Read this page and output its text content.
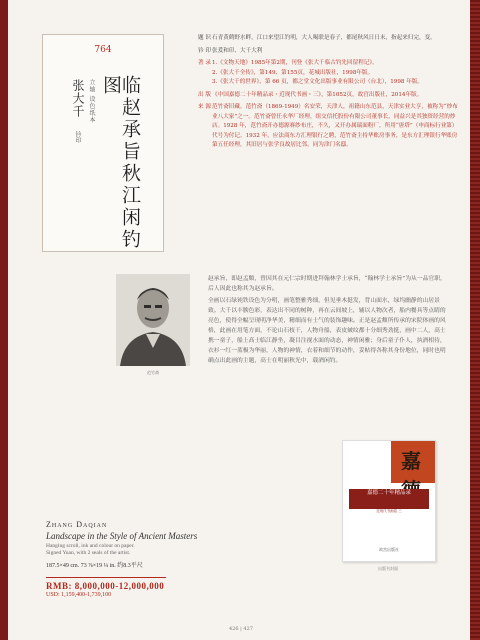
764
临赵承旨秋江闲钓图
立轴 设色纸本
张大千
钤印
题 识 石青黄鹤野水畔，江口来望江钓明，大人喝联是春子，都尾秋风日日未，指起来归完，变。
钤 印 张爰和印、大千大利
著 录 1.《文物天地》1985年第2期，刊登《张大千临古钓先回留程记》。

2.《张大千全传》，第149、第155页，花城出版社，1998年版。

3.《张大千的世界》，第 66 页，都之堂文化出版事业有限公司（台北），1998 年版。

出 版 《中国嘉德二十年精品录・近现代书画・三》，第1052页，故宫出版社，2014年版。
来 源 范竹斋旧藏。范竹斋（1869-1949）名安荣，天津人，祖籍山东范县，天津实业大亨，被称为“炒布业八大家”之一。范竹斋曾任永华厂经理，组交信托股份有限公司董事长，同益兴是其独资经营的炒店。1928 年，范竹斋开办德源赛纱布庄，不久，又开办属瑞面粉厂，所用“唐塔”（申商标行业第）代号为付记。1932 年，应法商东方汇理银行之聘，范竹斋主持华账房事务，是东方汇理银行华账房第五任经理，其旧居与张学良故居比邻，同为津门名邸。
范竹斋

赵承旨，即赵孟頫，曾因其在元仁宗时期进拜翰林学士承旨，“翰林学士承旨”为从一品官职，后人因此也称其为赵承旨。

全画以石绿钝铁设色为分明，画笔整雅秀细，但见垂木挺发，背山面水，绿坞幽静的山居景致。大千以丰腴色彩，表达出不同的树种，再在云间坡上，辅以人物次者，船内餐具等点睛的亮色，使得全幅呈现明净华美，精细而有士气的装饰趣味。正是赵孟頫所传承的宋院体画的风格，此画在用笔方面，不论山石枝干，人物舟船，表皮皴纹都十分细秀劲挺，画中二人，高士携一童子，船上高士临江静坐，凝目注视水面的动态，神情闲雅；身后童子仆人，执酒相待，衣衫一红一蓝极为华丽，人物的神情，衣着和细节的动作，妥帖得各称其身份地位，同时也明确点出此画的主题，高士在明丽秋光中，载酒闲钓。

Zhang Daqian
Landscape in the Style of Ancient Masters
Hanging scroll, ink and colour on paper.
Signed Yuan, with 2 seals of the artist.
187.5×49 cm. 73 ⅞×19 ¼ in. 约8.3平尺
RMB: 8,000,000-12,000,000
USD: 1,159,400-1,739,100
嘉
嘉德二十年精品录
近现代书画卷 三
故宫出版社
出版书封面
426 | 427
